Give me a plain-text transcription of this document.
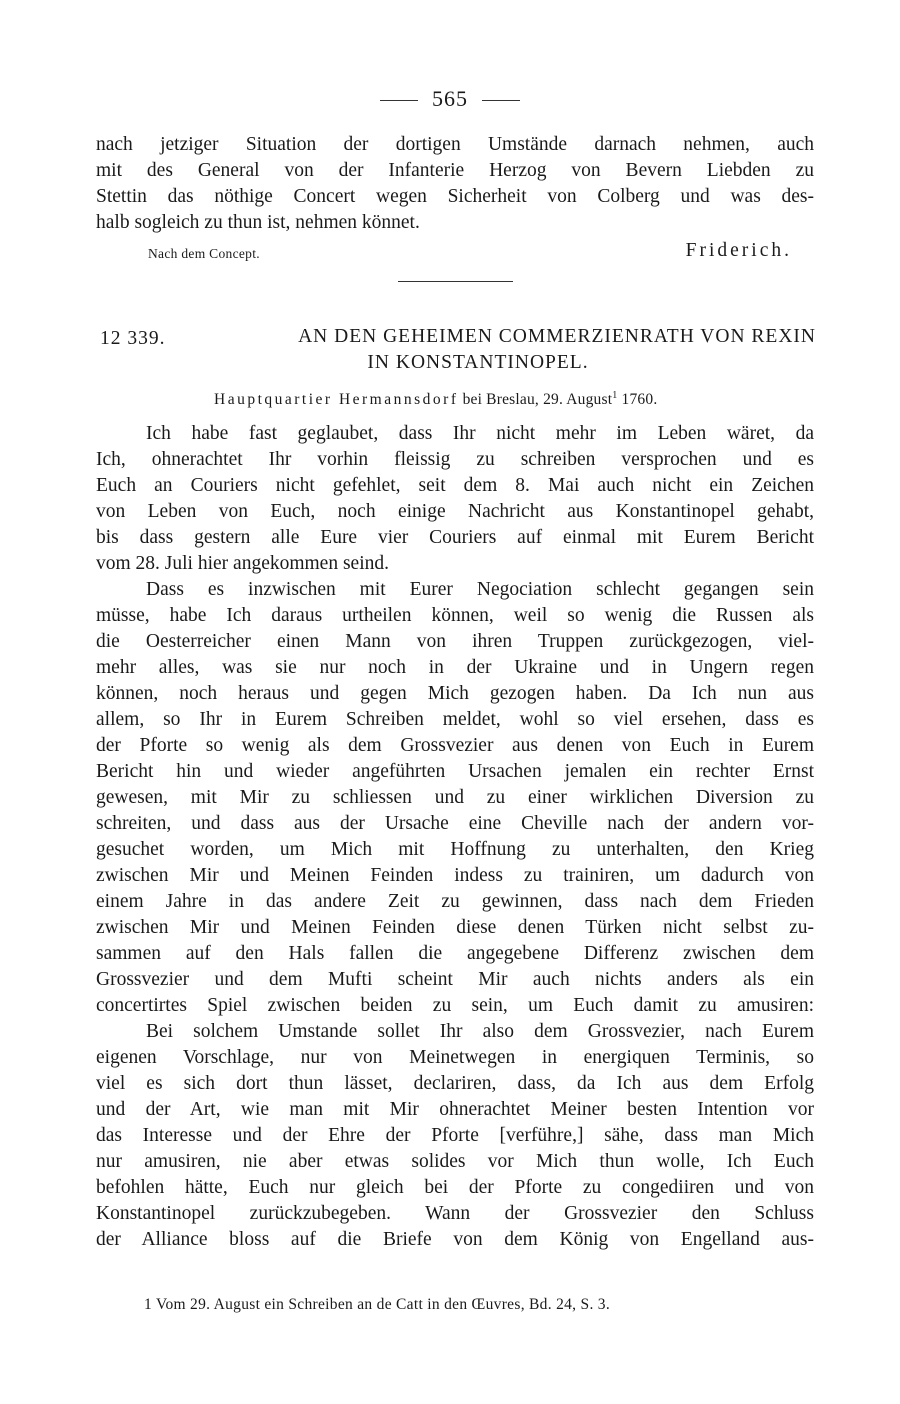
565

nach jetziger Situation der dortigen Umstände darnach nehmen, auch
mit des General von der Infanterie Herzog von Bevern Liebden zu
Stettin das nöthige Concert wegen Sicherheit von Colberg und was des-
halb sogleich zu thun ist, nehmen könnet.

Nach dem Concept.	Friderich.
12 339.	AN DEN GEHEIMEN COMMERZIENRATH VON REXIN
IN KONSTANTINOPEL.
Hauptquartier Hermannsdorf bei Breslau, 29. August$^1$ 1760.

Ich habe fast geglaubet, dass Ihr nicht mehr im Leben wäret, da
Ich, ohnerachtet Ihr vorhin fleissig zu schreiben versprochen und es
Euch an Couriers nicht gefehlet, seit dem 8. Mai auch nicht ein Zeichen
von Leben von Euch, noch einige Nachricht aus Konstantinopel gehabt,
bis dass gestern alle Eure vier Couriers auf einmal mit Eurem Bericht
vom 28. Juli hier angekommen seind.

Dass es inzwischen mit Eurer Negociation schlecht gegangen sein
müsse, habe Ich daraus urtheilen können, weil so wenig die Russen als
die Oesterreicher einen Mann von ihren Truppen zurückgezogen, viel-
mehr alles, was sie nur noch in der Ukraine und in Ungern regen
können, noch heraus und gegen Mich gezogen haben. Da Ich nun aus
allem, so Ihr in Eurem Schreiben meldet, wohl so viel ersehen, dass es
der Pforte so wenig als dem Grossvezier aus denen von Euch in Eurem
Bericht hin und wieder angeführten Ursachen jemalen ein rechter Ernst
gewesen, mit Mir zu schliessen und zu einer wirklichen Diversion zu
schreiten, und dass aus der Ursache eine Cheville nach der andern vor-
gesuchet worden, um Mich mit Hoffnung zu unterhalten, den Krieg
zwischen Mir und Meinen Feinden indess zu trainiren, um dadurch von
einem Jahre in das andere Zeit zu gewinnen, dass nach dem Frieden
zwischen Mir und Meinen Feinden diese denen Türken nicht selbst zu-
sammen auf den Hals fallen die angegebene Differenz zwischen dem
Grossvezier und dem Mufti scheint Mir auch nichts anders als ein
concertirtes Spiel zwischen beiden zu sein, um Euch damit zu amusiren:

Bei solchem Umstande sollet Ihr also dem Grossvezier, nach Eurem
eigenen Vorschlage, nur von Meinetwegen in energiquen Terminis, so
viel es sich dort thun lässet, declariren, dass, da Ich aus dem Erfolg
und der Art, wie man mit Mir ohnerachtet Meiner besten Intention vor
das Interesse und der Ehre der Pforte [verführe,] sähe, dass man Mich
nur amusiren, nie aber etwas solides vor Mich thun wolle, Ich Euch
befohlen hätte, Euch nur gleich bei der Pforte zu congediiren und von
Konstantinopel zurückzubegeben. Wann der Grossvezier den Schluss
der Alliance bloss auf die Briefe von dem König von Engelland aus-

1 Vom 29. August ein Schreiben an de Catt in den Œuvres, Bd. 24, S. 3.
